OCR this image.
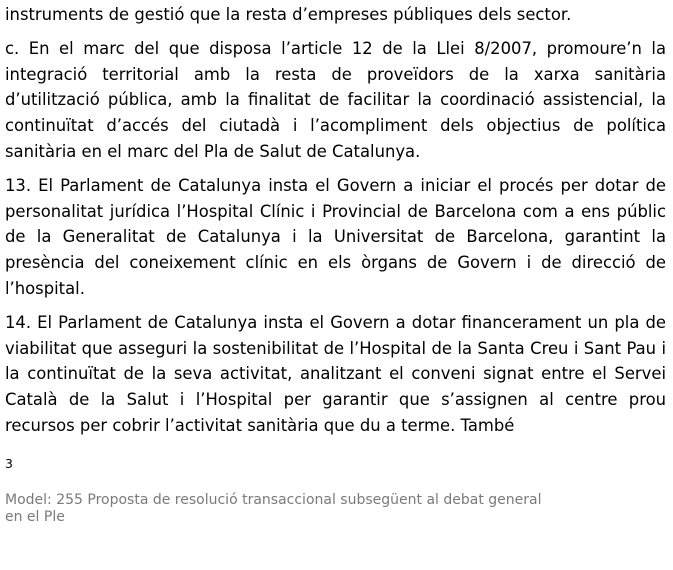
instruments de gestió que la resta d’empreses públiques dels sector.

c. En el marc del que disposa l’article 12 de la Llei 8/2007, promoure’n la integració territorial amb la resta de proveïdors de la xarxa sanitària d’utilització pública, amb la finalitat de facilitar la coordinació assistencial, la continuïtat d’accés del ciutadà i l’acompliment dels objectius de política sanitària en el marc del Pla de Salut de Catalunya.

13. El Parlament de Catalunya insta el Govern a iniciar el procés per dotar de personalitat jurídica l’Hospital Clínic i Provincial de Barcelona com a ens públic de la Generalitat de Catalunya i la Universitat de Barcelona, garantint la presència del coneixement clínic en els òrgans de Govern i de direcció de l’hospital.

14. El Parlament de Catalunya insta el Govern a dotar financerament un pla de viabilitat que asseguri la sostenibilitat de l’Hospital de la Santa Creu i Sant Pau i la continuïtat de la seva activitat, analitzant el conveni signat entre el Servei Català de la Salut i l’Hospital per garantir que s’assignen al centre prou recursos per cobrir l’activitat sanitària que du a terme. També

3
Model: 255 Proposta de resolució transaccional subsegüent al debat general
en el Ple
